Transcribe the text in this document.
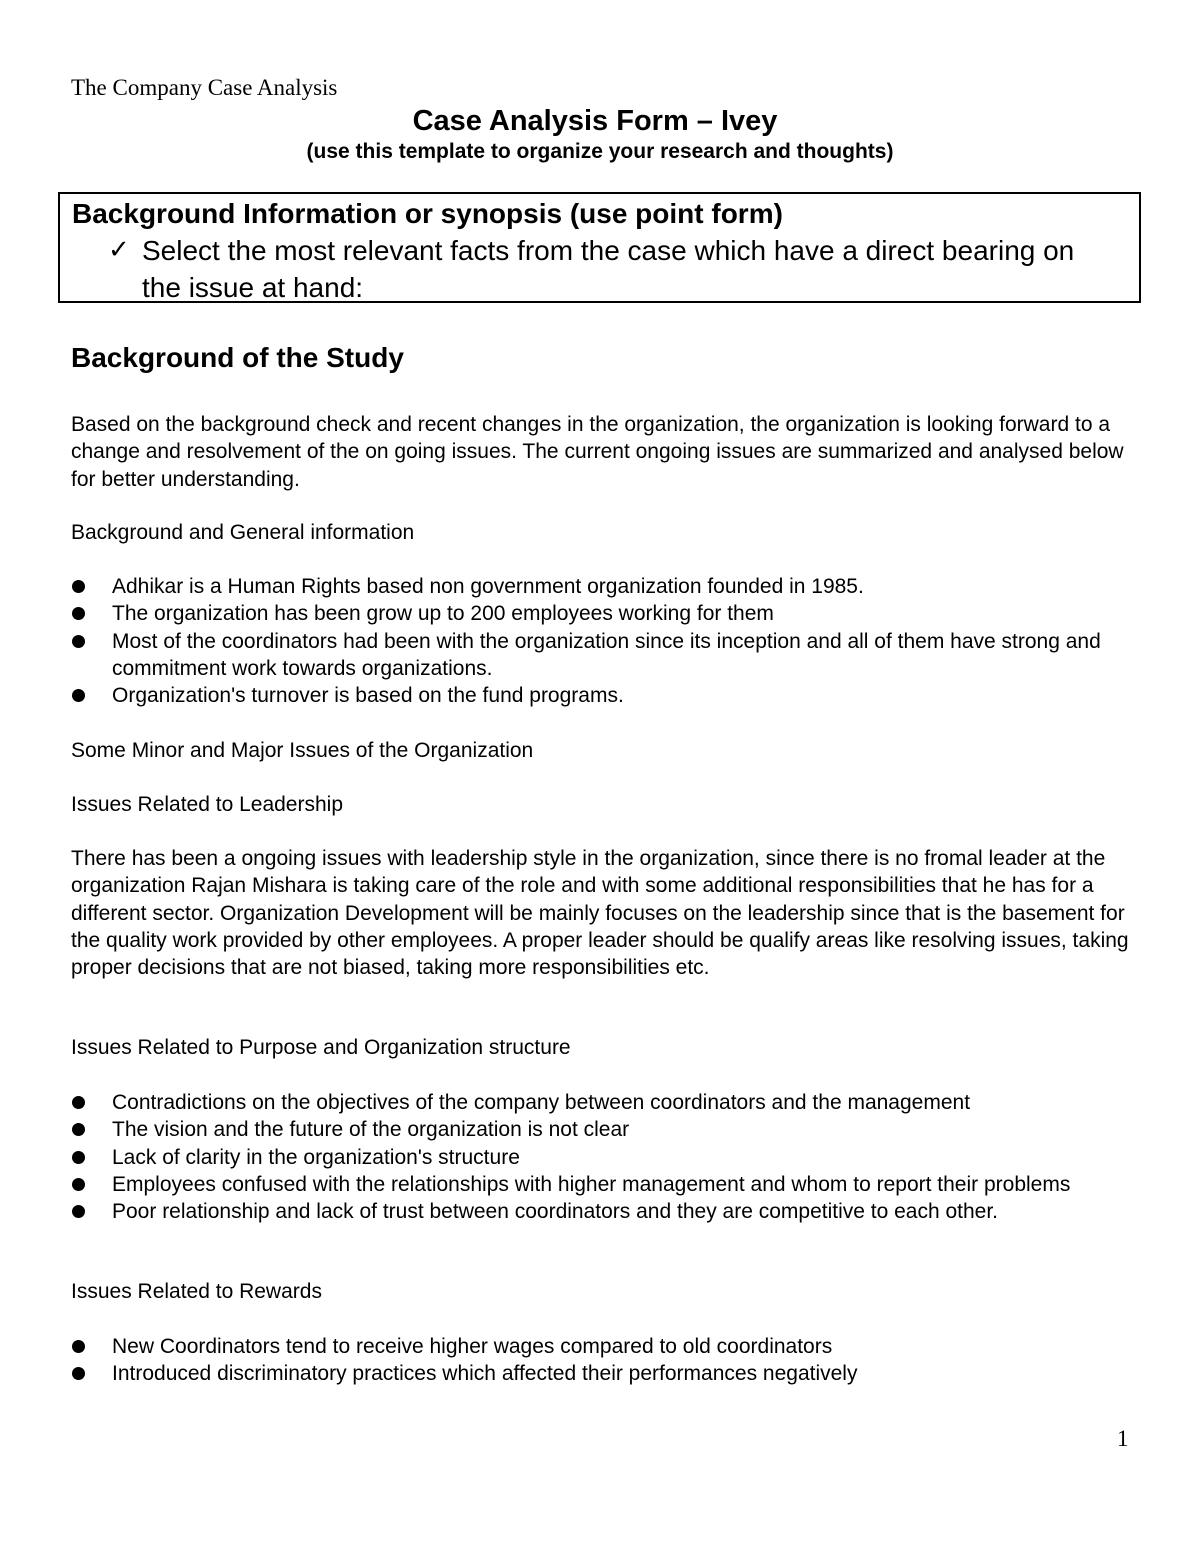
The Company Case Analysis

Case Analysis Form – Ivey

(use this template to organize your research and thoughts)

Background Information or synopsis (use point form)
✓ Select the most relevant facts from the case which have a direct bearing on the issue at hand:

Background of the Study

Based on the background check and recent changes in the organization, the organization is looking forward to a change and resolvement of the on going issues. The current ongoing issues are summarized and analysed below for better understanding.

Background and General information

Adhikar is a Human Rights based non government organization founded in 1985.
The organization has been grow up to 200 employees working for them
Most of the coordinators had been with the organization since its inception and all of them have strong and commitment work towards organizations.
Organization's turnover is based on the fund programs.

Some Minor and Major Issues of the Organization

Issues Related to Leadership

There has been a ongoing issues with leadership style in the organization, since there is no fromal leader at the organization Rajan Mishara is taking care of the role and with some additional responsibilities that he has for a different sector. Organization Development will be mainly focuses on the leadership since that is the basement for the quality work provided by other employees. A proper leader should be qualify areas like resolving issues, taking proper decisions that are not biased, taking more responsibilities etc.

Issues Related to Purpose and Organization structure

Contradictions on the objectives of the company between coordinators and the management
The vision and the future of the organization is not clear
Lack of clarity in the organization's structure
Employees confused with the relationships with higher management and whom to report their problems
Poor relationship and lack of trust between coordinators and they are competitive to each other.

Issues Related to Rewards

New Coordinators tend to receive higher wages compared to old coordinators
Introduced discriminatory practices which affected their performances negatively

1
